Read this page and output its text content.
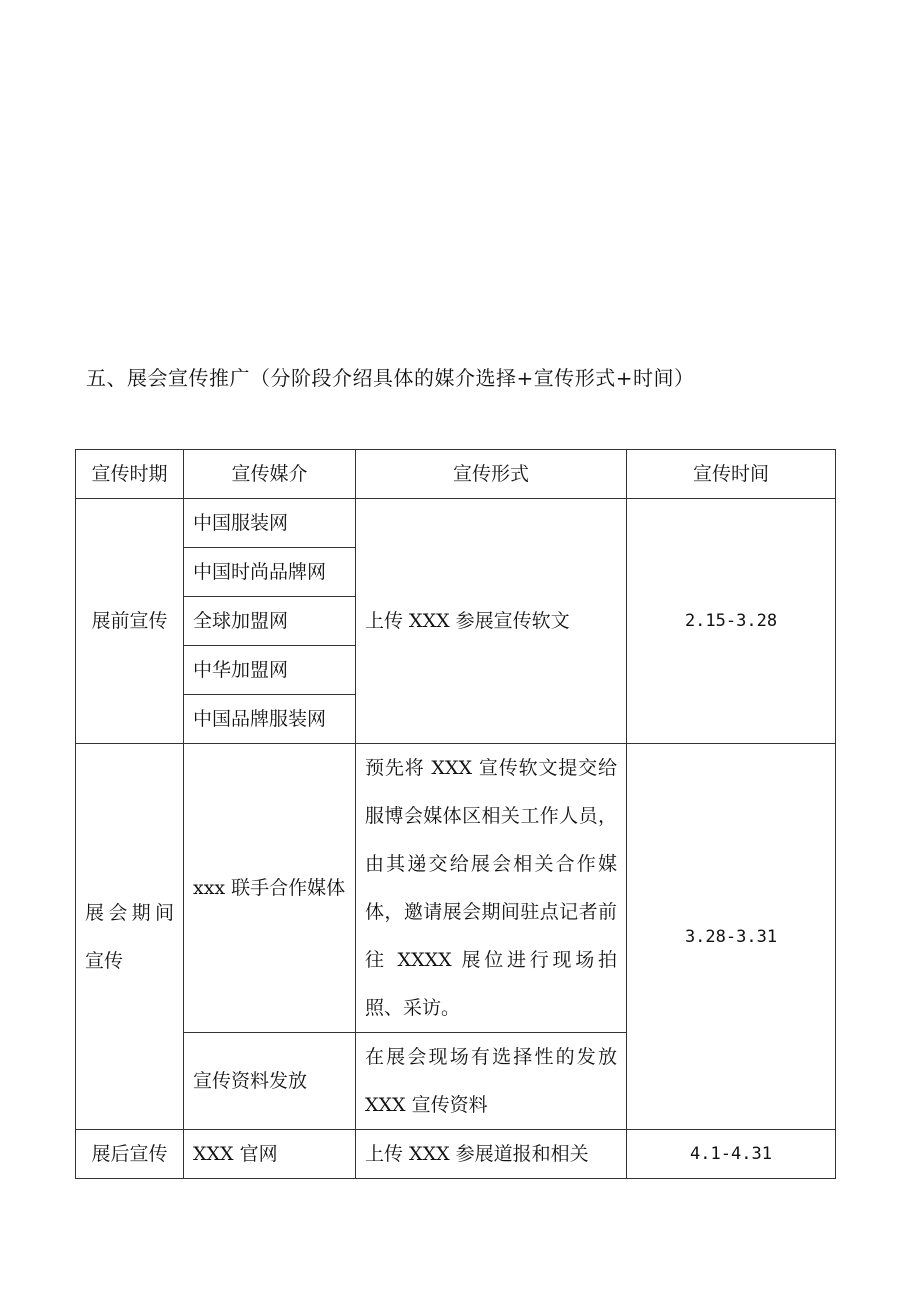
五、展会宣传推广（分阶段介绍具体的媒介选择+宣传形式+时间）
宣传时期	宣传媒介	宣传形式	宣传时间
展前宣传	中国服装网	上传 XXX 参展宣传软文	2.15-3.28
	中国时尚品牌网		
	全球加盟网		
	中华加盟网		
	中国品牌服装网		
展会期间宣传	xxx 联手合作媒体	预先将 XXX 宣传软文提交给服博会媒体区相关工作人员，由其递交给展会相关合作媒体，邀请展会期间驻点记者前往 XXXX 展位进行现场拍照、采访。	3.28-3.31
	宣传资料发放	在展会现场有选择性的发放 XXX 宣传资料	
展后宣传	XXX 官网	上传 XXX 参展道报和相关	4.1-4.31
